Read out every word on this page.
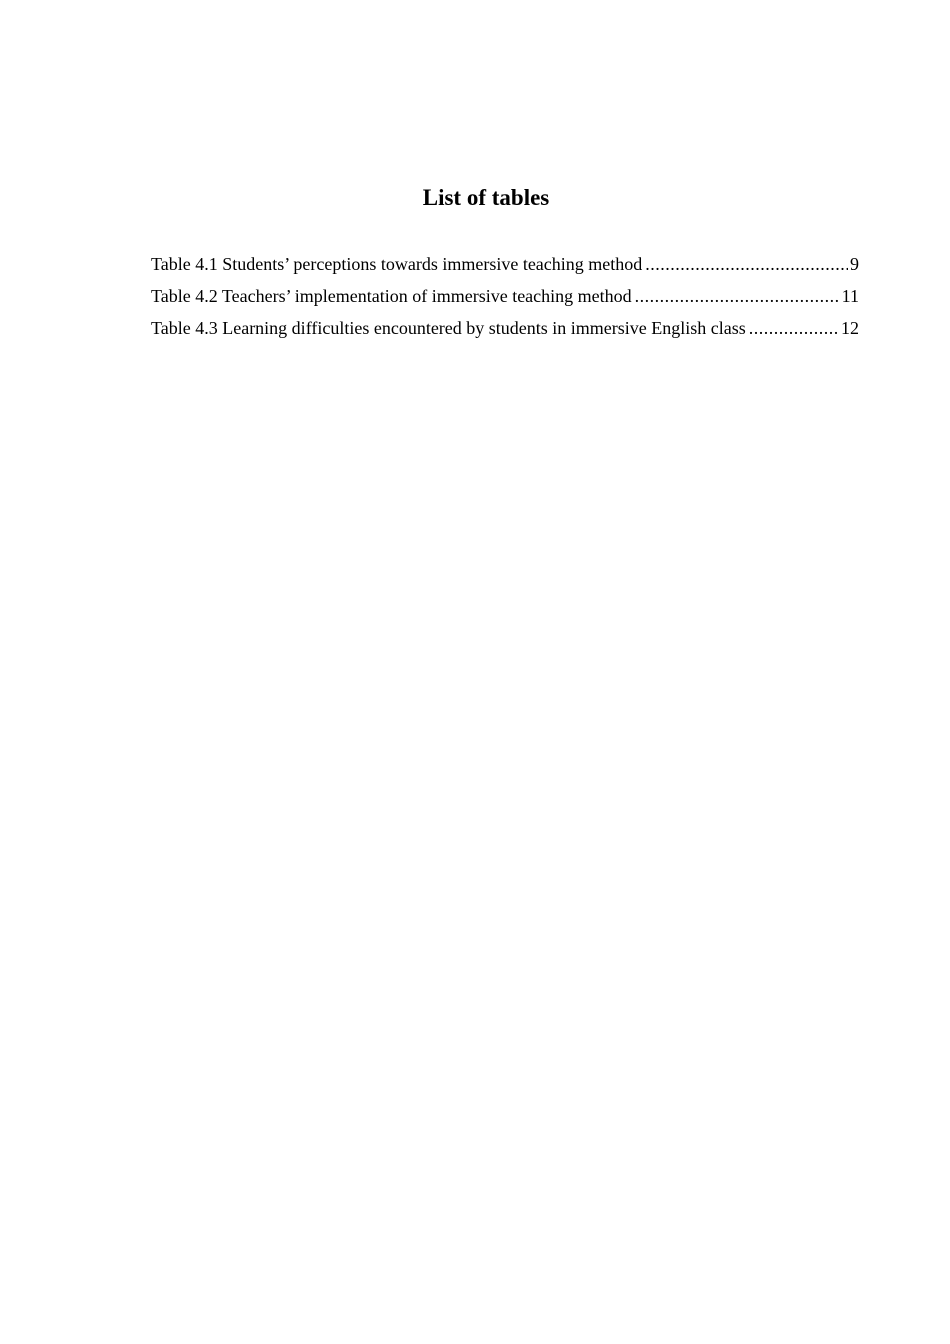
List of tables
Table 4.1 Students’ perceptions towards immersive teaching method .....	9
Table 4.2 Teachers’ implementation of immersive teaching method .....	11
Table 4.3 Learning difficulties encountered by students in immersive English class .....	12
